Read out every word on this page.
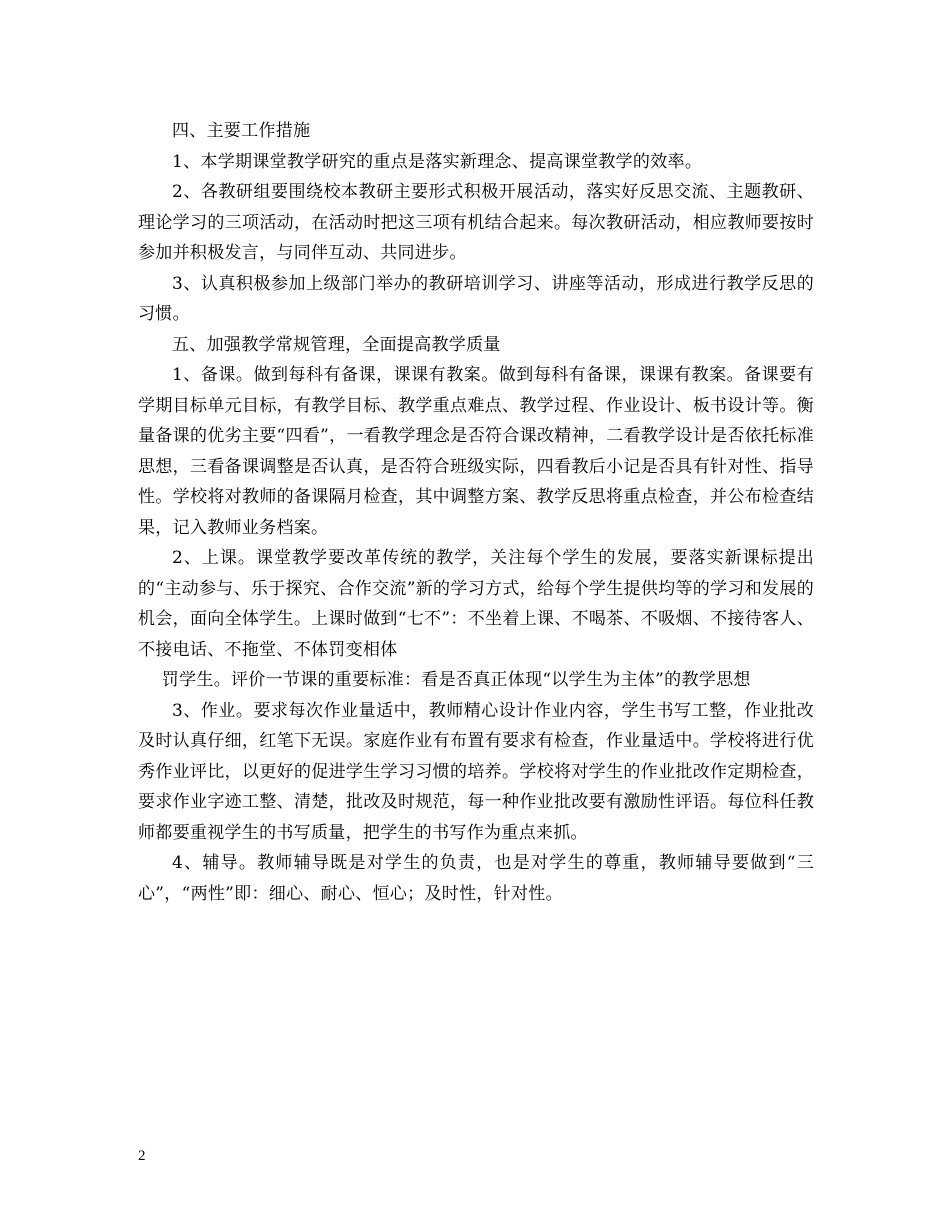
四、主要工作措施

1、本学期课堂教学研究的重点是落实新理念、提高课堂教学的效率。

2、各教研组要围绕校本教研主要形式积极开展活动，落实好反思交流、主题教研、理论学习的三项活动，在活动时把这三项有机结合起来。每次教研活动，相应教师要按时参加并积极发言，与同伴互动、共同进步。

3、认真积极参加上级部门举办的教研培训学习、讲座等活动，形成进行教学反思的习惯。

五、加强教学常规管理，全面提高教学质量

1、备课。做到每科有备课，课课有教案。做到每科有备课，课课有教案。备课要有学期目标单元目标，有教学目标、教学重点难点、教学过程、作业设计、板书设计等。衡量备课的优劣主要“四看”，一看教学理念是否符合课改精神，二看教学设计是否依托标准思想，三看备课调整是否认真，是否符合班级实际，四看教后小记是否具有针对性、指导性。学校将对教师的备课隔月检查，其中调整方案、教学反思将重点检查，并公布检查结果，记入教师业务档案。

2、上课。课堂教学要改革传统的教学，关注每个学生的发展，要落实新课标提出的“主动参与、乐于探究、合作交流”新的学习方式，给每个学生提供均等的学习和发展的机会，面向全体学生。上课时做到“七不”：不坐着上课、不喝茶、不吸烟、不接待客人、不接电话、不拖堂、不体罚变相体

罚学生。评价一节课的重要标准：看是否真正体现“以学生为主体”的教学思想

3、作业。要求每次作业量适中，教师精心设计作业内容，学生书写工整，作业批改及时认真仔细，红笔下无误。家庭作业有布置有要求有检查，作业量适中。学校将进行优秀作业评比，以更好的促进学生学习习惯的培养。学校将对学生的作业批改作定期检查，要求作业字迹工整、清楚，批改及时规范，每一种作业批改要有激励性评语。每位科任教师都要重视学生的书写质量，把学生的书写作为重点来抓。

4、辅导。教师辅导既是对学生的负责，也是对学生的尊重，教师辅导要做到“三心”，“两性”即：细心、耐心、恒心；及时性，针对性。

2
